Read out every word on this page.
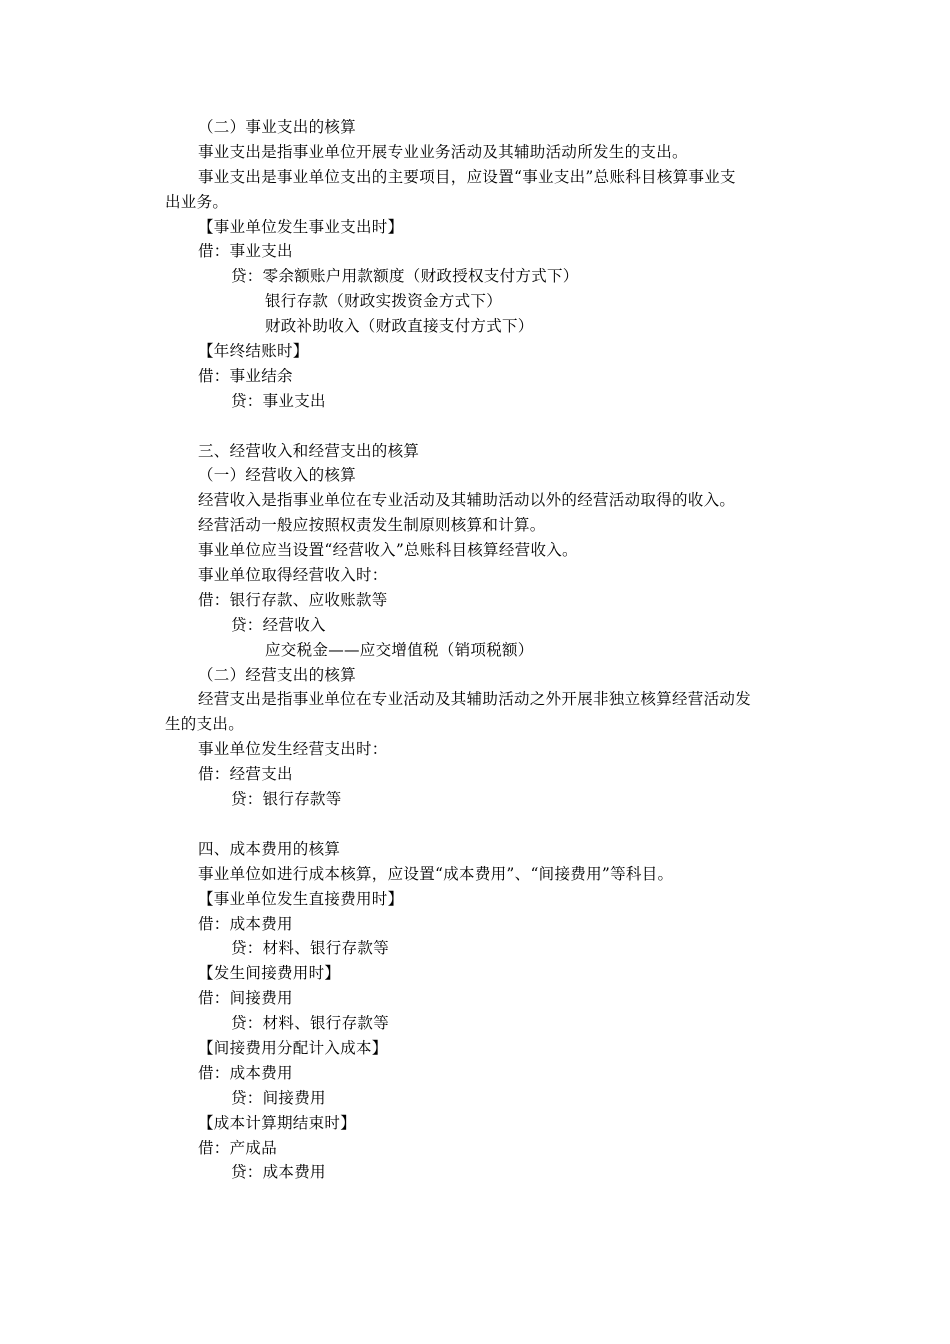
（二）事业支出的核算
事业支出是指事业单位开展专业业务活动及其辅助活动所发生的支出。
事业支出是事业单位支出的主要项目，应设置“事业支出”总账科目核算事业支
出业务。
【事业单位发生事业支出时】
借：事业支出
贷：零余额账户用款额度（财政授权支付方式下）
银行存款（财政实拨资金方式下）
财政补助收入（财政直接支付方式下）
【年终结账时】
借：事业结余
贷：事业支出
三、经营收入和经营支出的核算
（一）经营收入的核算
经营收入是指事业单位在专业活动及其辅助活动以外的经营活动取得的收入。
经营活动一般应按照权责发生制原则核算和计算。
事业单位应当设置“经营收入”总账科目核算经营收入。
事业单位取得经营收入时：
借：银行存款、应收账款等
贷：经营收入
应交税金——应交增值税（销项税额）
（二）经营支出的核算
经营支出是指事业单位在专业活动及其辅助活动之外开展非独立核算经营活动发
生的支出。
事业单位发生经营支出时：
借：经营支出
贷：银行存款等
四、成本费用的核算
事业单位如进行成本核算，应设置“成本费用”、“间接费用”等科目。
【事业单位发生直接费用时】
借：成本费用
贷：材料、银行存款等
【发生间接费用时】
借：间接费用
贷：材料、银行存款等
【间接费用分配计入成本】
借：成本费用
贷：间接费用
【成本计算期结束时】
借：产成品
贷：成本费用
